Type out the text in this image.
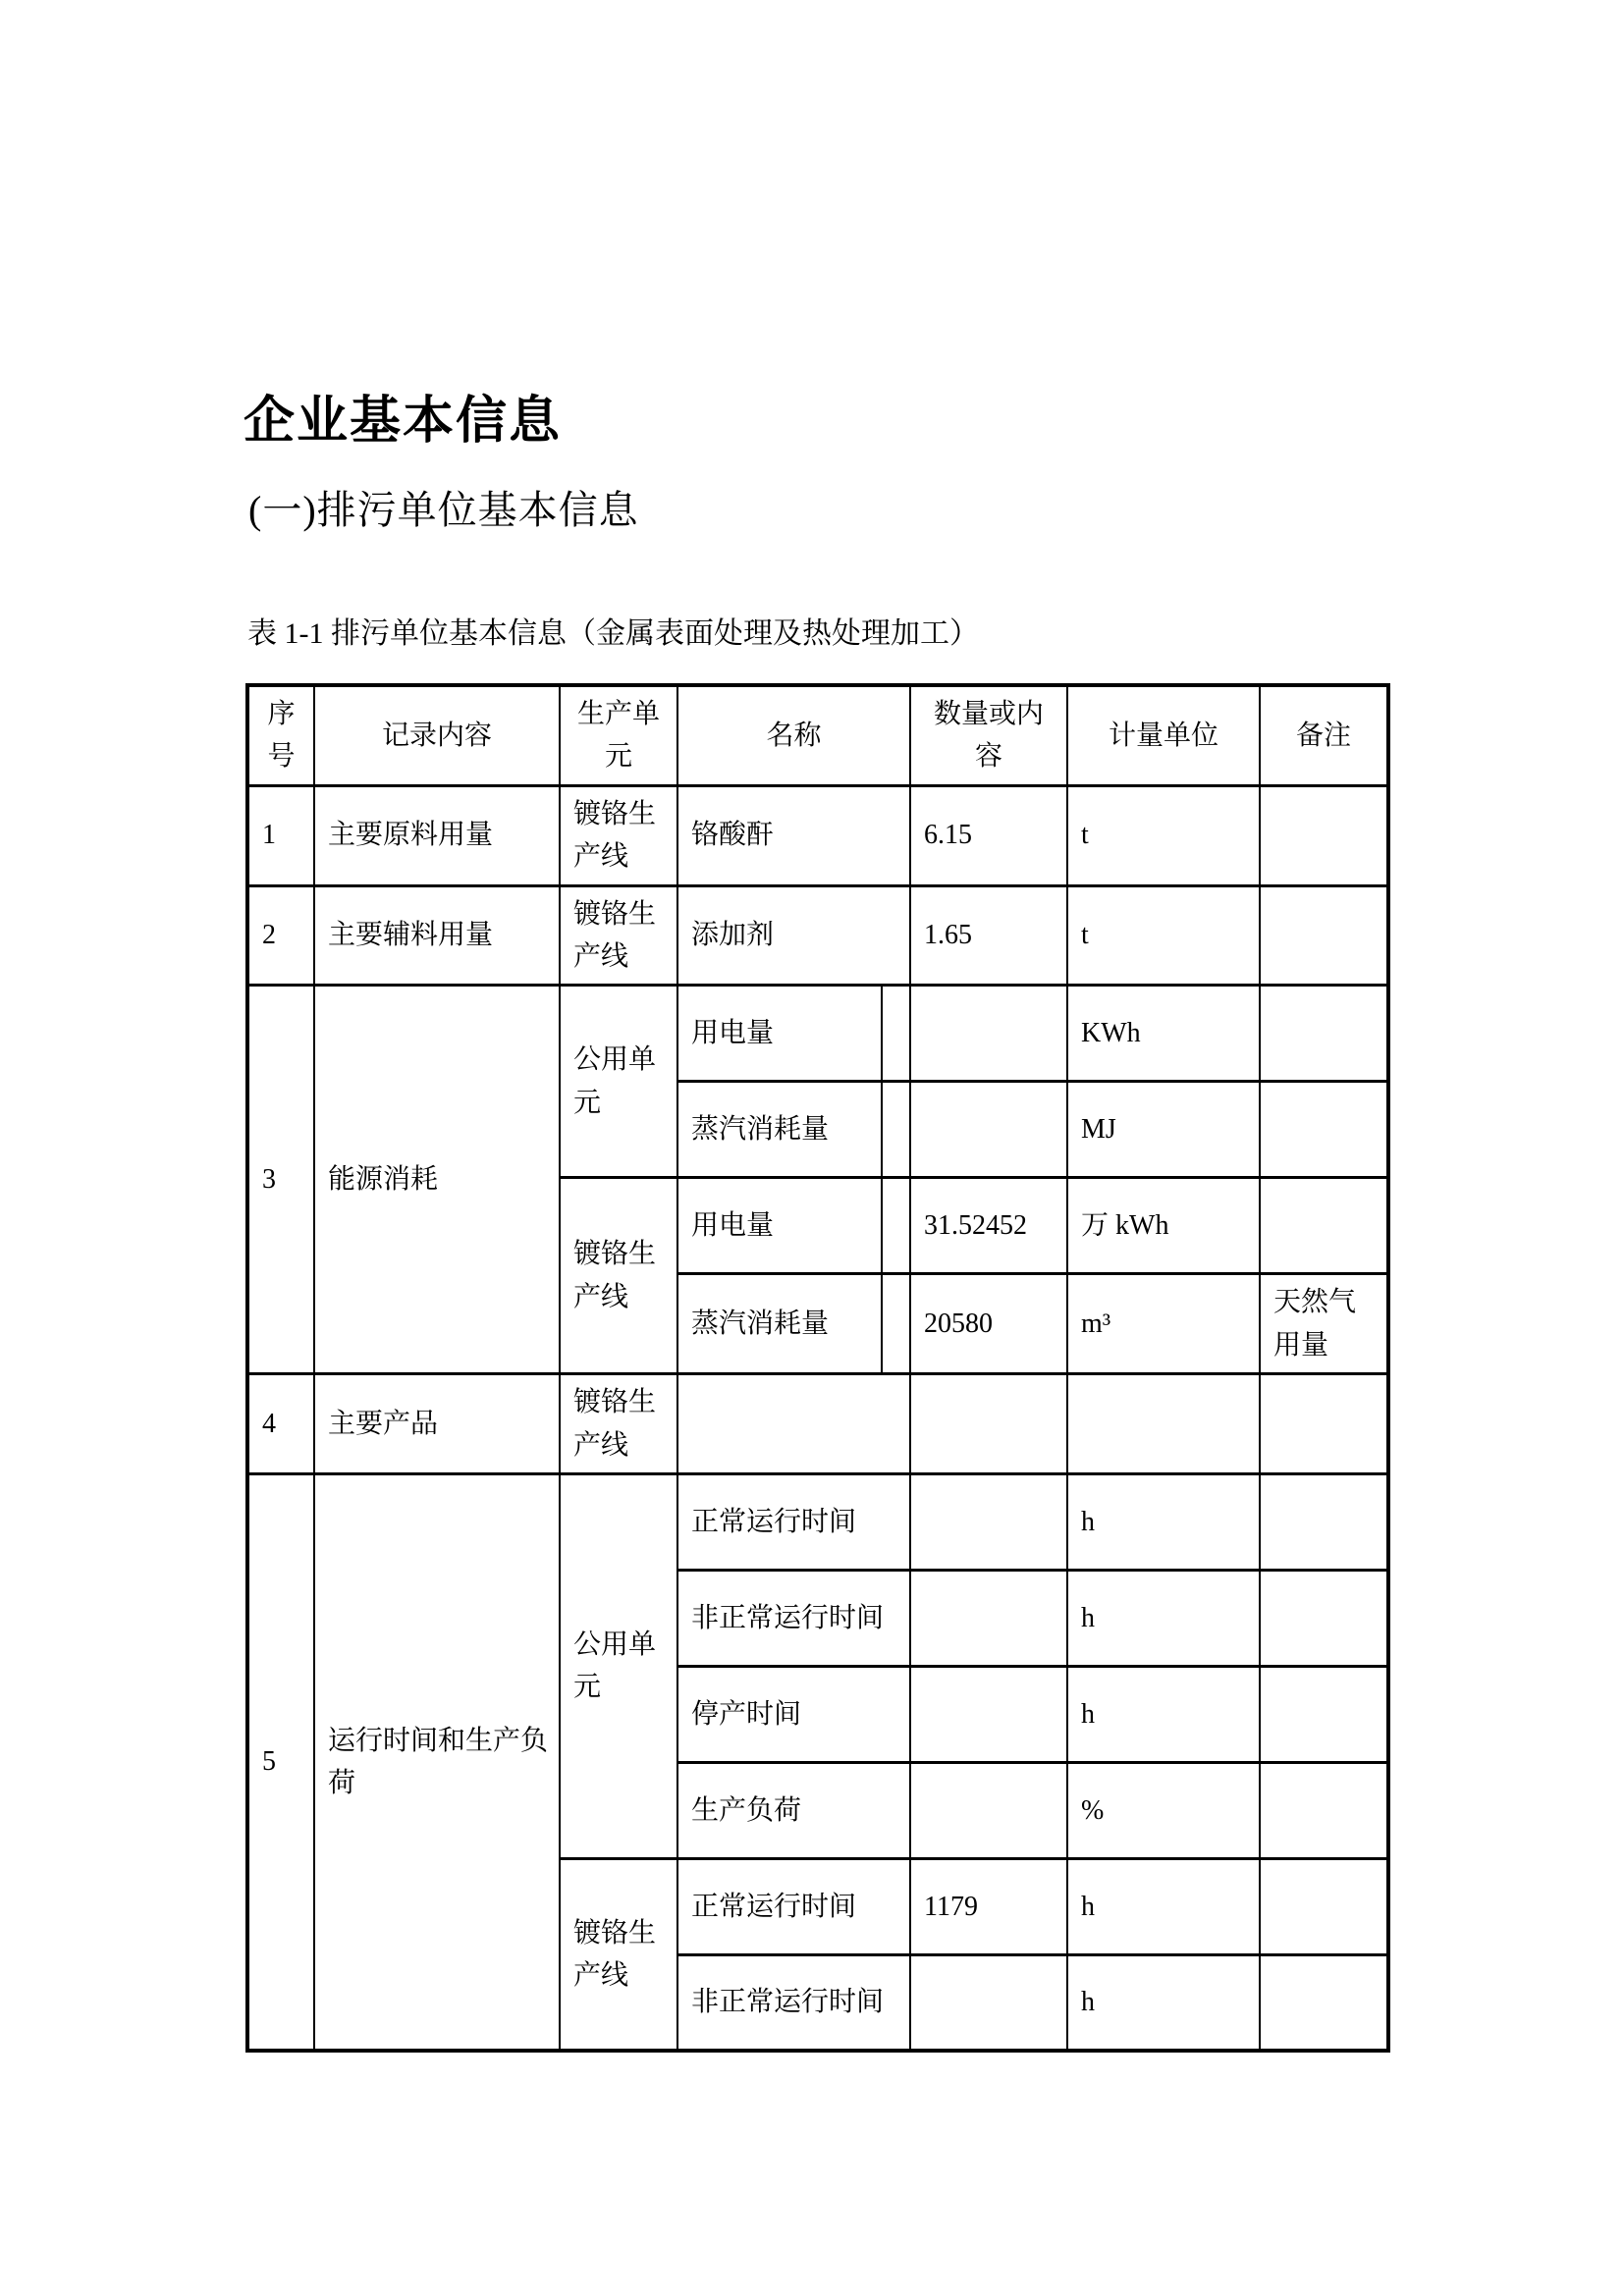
企业基本信息
(一)排污单位基本信息
表 1-1 排污单位基本信息（金属表面处理及热处理加工）
序号	记录内容	生产单元	名称		数量或内容	计量单位	备注
1	主要原料用量	镀铬生产线	铬酸酐		6.15	t	
2	主要辅料用量	镀铬生产线	添加剂		1.65	t	
3	能源消耗	公用单元	用电量			KWh	
			蒸汽消耗量			MJ	
		镀铬生产线	用电量		31.52452	万 kWh	
			蒸汽消耗量		20580	m³	天然气用量
4	主要产品	镀铬生产线					
5	运行时间和生产负荷	公用单元	正常运行时间			h	
			非正常运行时间			h	
			停产时间			h	
			生产负荷			%	
		镀铬生产线	正常运行时间		1179	h	
			非正常运行时间			h	
